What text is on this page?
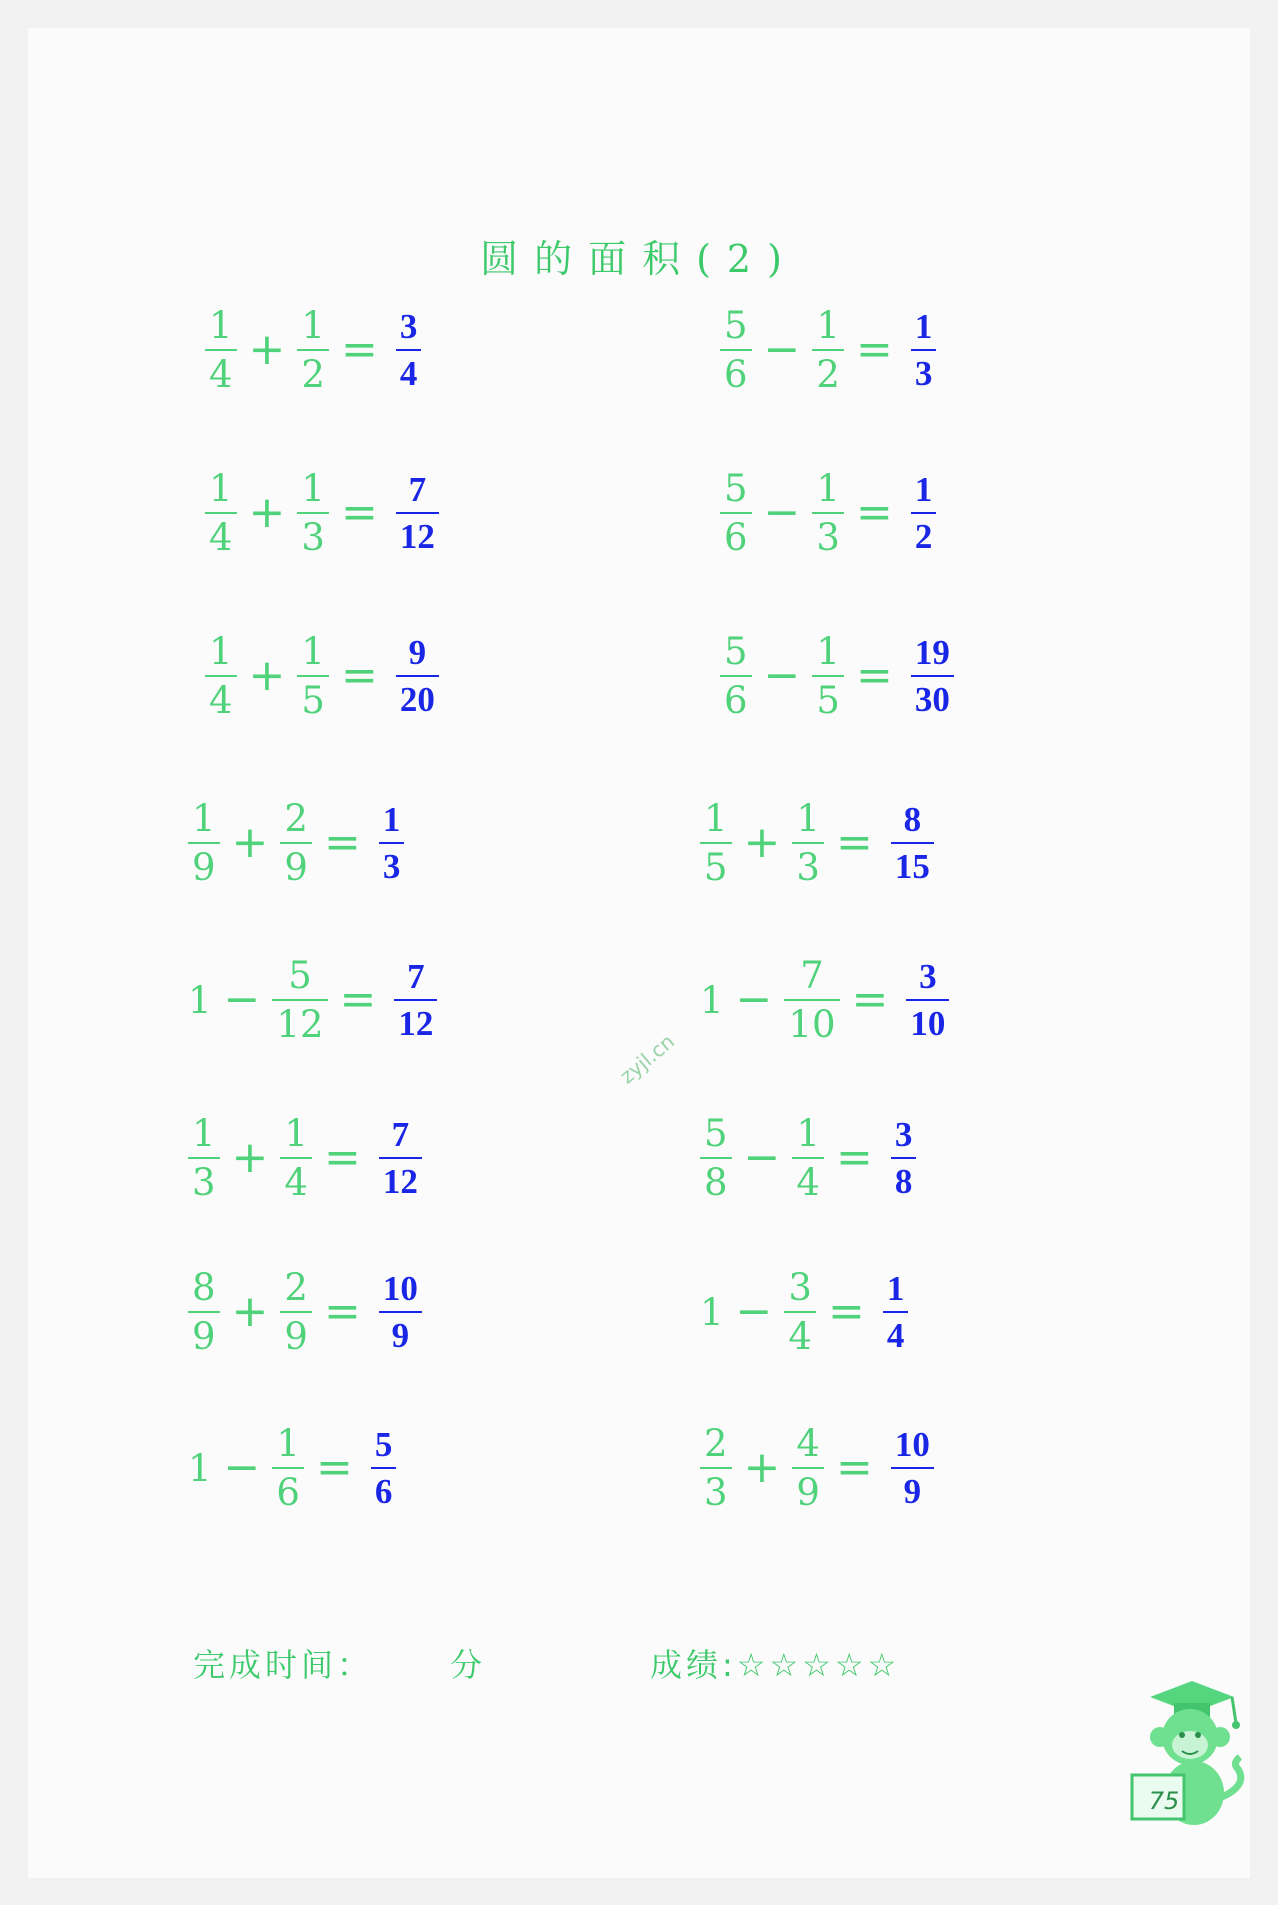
圆的面积(2)
$\frac{1}{4} + \frac{1}{2} = \frac{3}{4}$	$\frac{5}{6} - \frac{1}{2} = \frac{1}{3}$
$\frac{1}{4} + \frac{1}{3} = \frac{7}{12}$	$\frac{5}{6} - \frac{1}{3} = \frac{1}{2}$
$\frac{1}{4} + \frac{1}{5} = \frac{9}{20}$	$\frac{5}{6} - \frac{1}{5} = \frac{19}{30}$
$\frac{1}{9} + \frac{2}{9} = \frac{1}{3}$	$\frac{1}{5} + \frac{1}{3} = \frac{8}{15}$
$1 - \frac{5}{12} = \frac{7}{12}$	$1 - \frac{7}{10} = \frac{3}{10}$
$\frac{1}{3} + \frac{1}{4} = \frac{7}{12}$	$\frac{5}{8} - \frac{1}{4} = \frac{3}{8}$
$\frac{8}{9} + \frac{2}{9} = \frac{10}{9}$	$1 - \frac{3}{4} = \frac{1}{4}$
$1 - \frac{1}{6} = \frac{5}{6}$	$\frac{2}{3} + \frac{4}{9} = \frac{10}{9}$
完成时间： 分	成绩:☆☆☆☆☆
zyjl.cn
75
